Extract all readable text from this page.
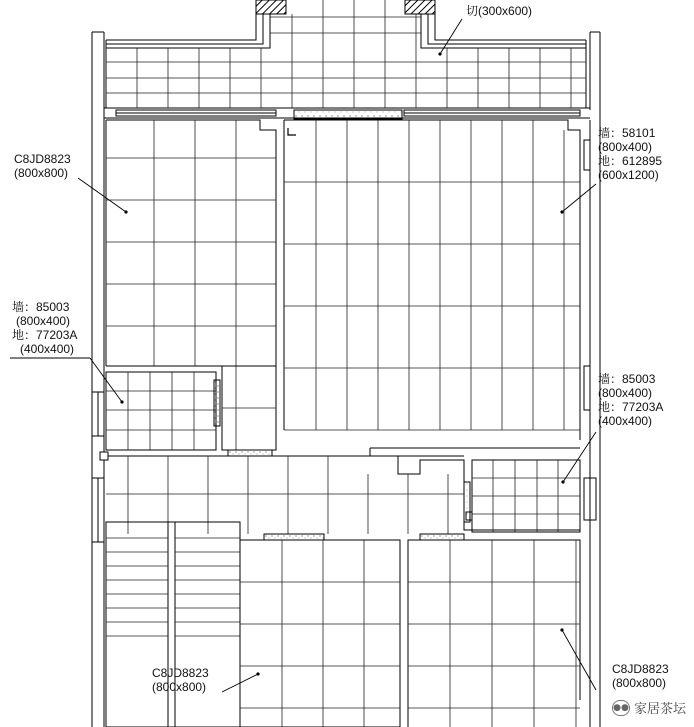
切(300x600)
C8JD8823
(800x800)
墙：58101
(800x400)
地：612895
(600x1200)
墙：85003
(800x400)
地：77203A
(400x400)
墙：85003
(800x400)
地：77203A
(400x400)
C8JD8823
(800x800)
C8JD8823
(800x800)
●● 家居茶坛
